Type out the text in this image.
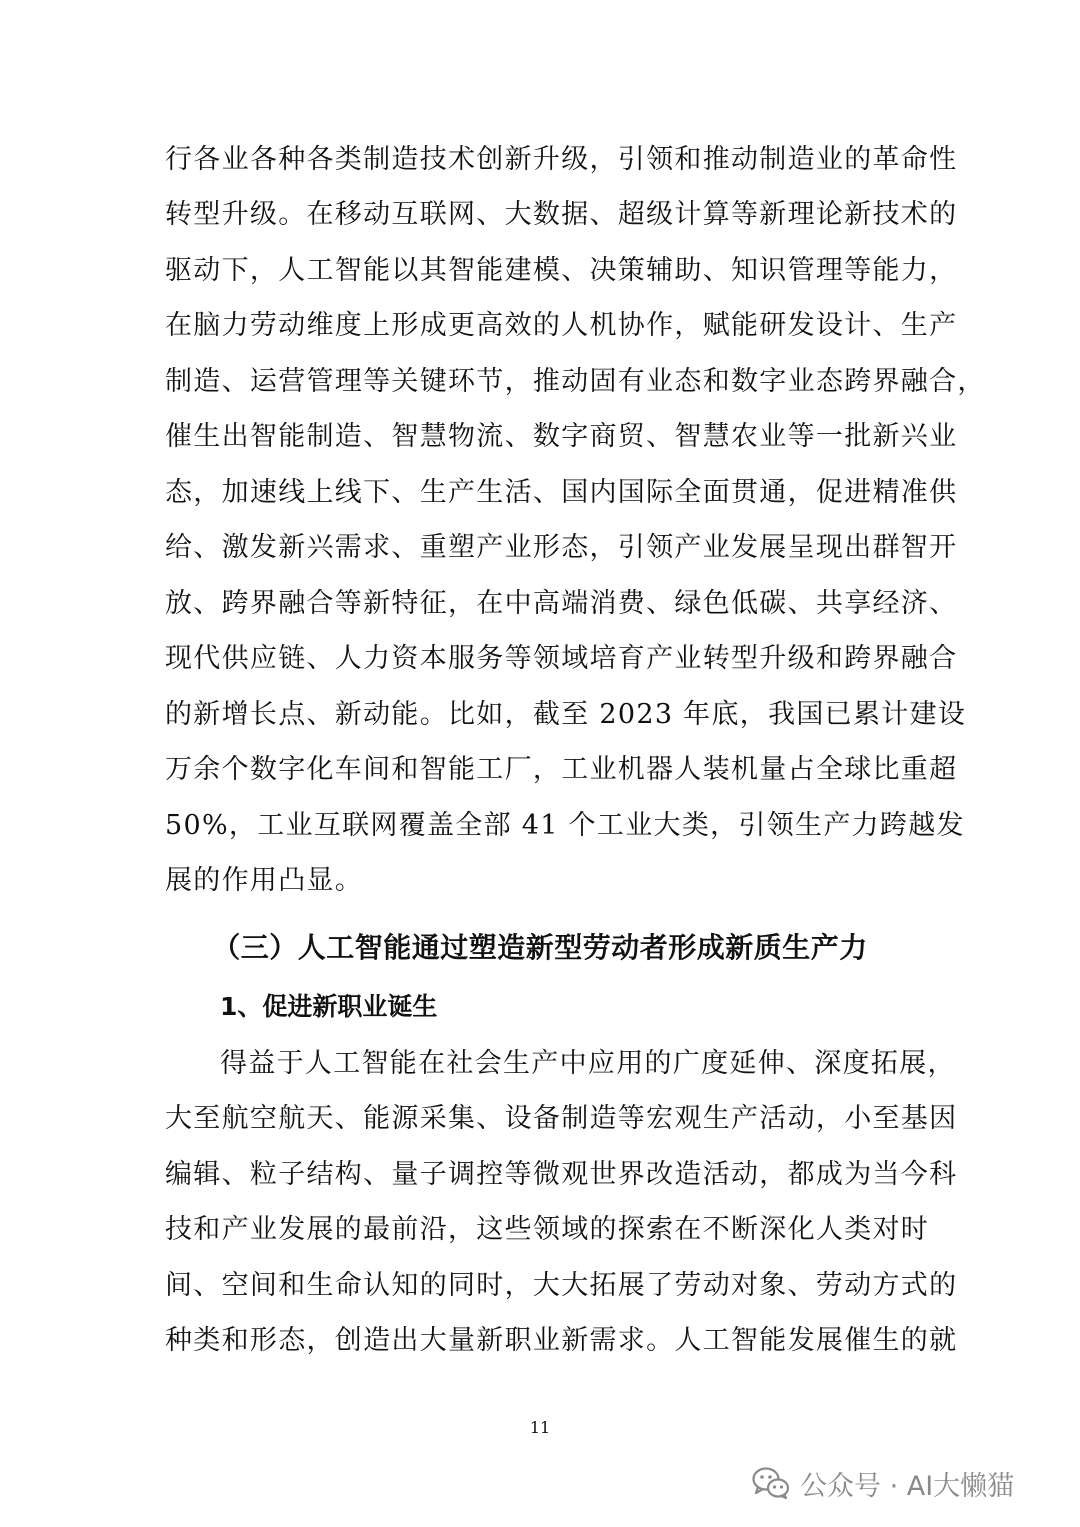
行各业各种各类制造技术创新升级，引领和推动制造业的革命性
转型升级。在移动互联网、大数据、超级计算等新理论新技术的
驱动下，人工智能以其智能建模、决策辅助、知识管理等能力，
在脑力劳动维度上形成更高效的人机协作，赋能研发设计、生产
制造、运营管理等关键环节，推动固有业态和数字业态跨界融合，
催生出智能制造、智慧物流、数字商贸、智慧农业等一批新兴业
态，加速线上线下、生产生活、国内国际全面贯通，促进精准供
给、激发新兴需求、重塑产业形态，引领产业发展呈现出群智开
放、跨界融合等新特征，在中高端消费、绿色低碳、共享经济、
现代供应链、人力资本服务等领域培育产业转型升级和跨界融合
的新增长点、新动能。比如，截至 2023 年底，我国已累计建设
万余个数字化车间和智能工厂，工业机器人装机量占全球比重超
50%，工业互联网覆盖全部 41 个工业大类，引领生产力跨越发
展的作用凸显。
（三）人工智能通过塑造新型劳动者形成新质生产力
1、促进新职业诞生
得益于人工智能在社会生产中应用的广度延伸、深度拓展，
大至航空航天、能源采集、设备制造等宏观生产活动，小至基因
编辑、粒子结构、量子调控等微观世界改造活动，都成为当今科
技和产业发展的最前沿，这些领域的探索在不断深化人类对时
间、空间和生命认知的同时，大大拓展了劳动对象、劳动方式的
种类和形态，创造出大量新职业新需求。人工智能发展催生的就
11
公众号 · AI大懒猫
